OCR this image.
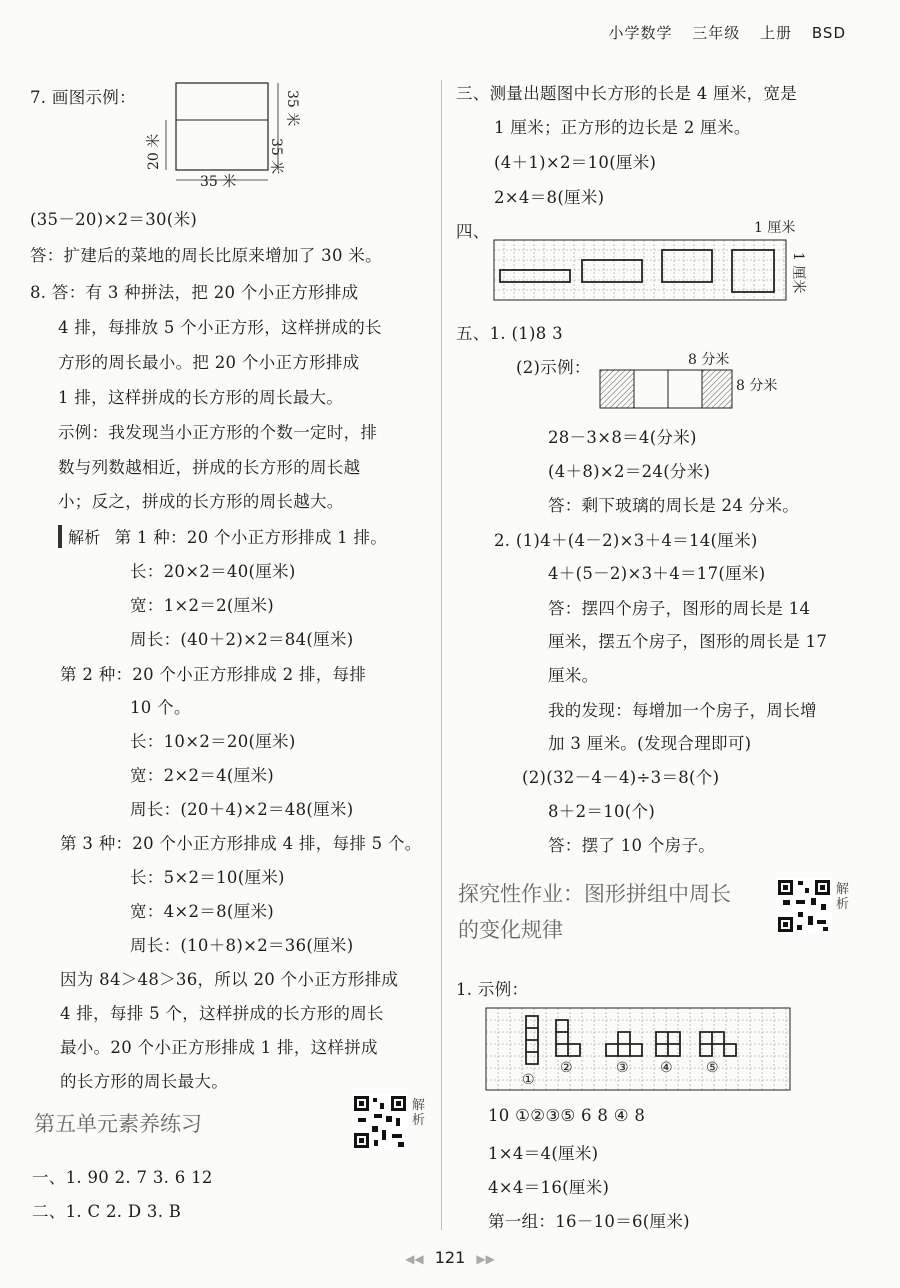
小学数学 三年级 上册 BSD
7. 画图示例：	35 米
20 米	35 米
35 米
(35－20)×2＝30(米)
答：扩建后的菜地的周长比原来增加了 30 米。
8. 答：有 3 种拼法，把 20 个小正方形排成
4 排，每排放 5 个小正方形，这样拼成的长
方形的周长最小。把 20 个小正方形排成
1 排，这样拼成的长方形的周长最大。
示例：我发现当小正方形的个数一定时，排
数与列数越相近，拼成的长方形的周长越
小；反之，拼成的长方形的周长越大。
解析 第 1 种：20 个小正方形排成 1 排。
长：20×2＝40(厘米)
宽：1×2＝2(厘米)
周长：(40＋2)×2＝84(厘米)
第 2 种：20 个小正方形排成 2 排，每排
10 个。
长：10×2＝20(厘米)
宽：2×2＝4(厘米)
周长：(20＋4)×2＝48(厘米)
第 3 种：20 个小正方形排成 4 排，每排 5 个。
长：5×2＝10(厘米)
宽：4×2＝8(厘米)
周长：(10＋8)×2＝36(厘米)
因为 84＞48＞36，所以 20 个小正方形排成
4 排，每排 5 个，这样拼成的长方形的周长
最小。20 个小正方形排成 1 排，这样拼成
的长方形的周长最大。
第五单元素养练习
解析
一、1. 90 2. 7 3. 6 12
二、1. C 2. D 3. B
三、测量出题图中长方形的长是 4 厘米，宽是
1 厘米；正方形的边长是 2 厘米。
(4＋1)×2＝10(厘米)
2×4＝8(厘米)
四、	1 厘米
1 厘米
五、1. (1)8 3
(2)示例：	8 分米
8 分米
28－3×8＝4(分米)
(4＋8)×2＝24(分米)
答：剩下玻璃的周长是 24 分米。
2. (1)4＋(4－2)×3＋4＝14(厘米)
4＋(5－2)×3＋4＝17(厘米)
答：摆四个房子，图形的周长是 14
厘米，摆五个房子，图形的周长是 17
厘米。
我的发现：每增加一个房子，周长增
加 3 厘米。(发现合理即可)
(2)(32－4－4)÷3＝8(个)
8＋2＝10(个)
答：摆了 10 个房子。
探究性作业：图形拼组中周长
的变化规律
解析
1. 示例：
①
②	③ ④ ⑤
10 ①②③⑤ 6 8 ④ 8
1×4＝4(厘米)
4×4＝16(厘米)
第一组：16－10＝6(厘米)
◀◀ 121 ▶▶
